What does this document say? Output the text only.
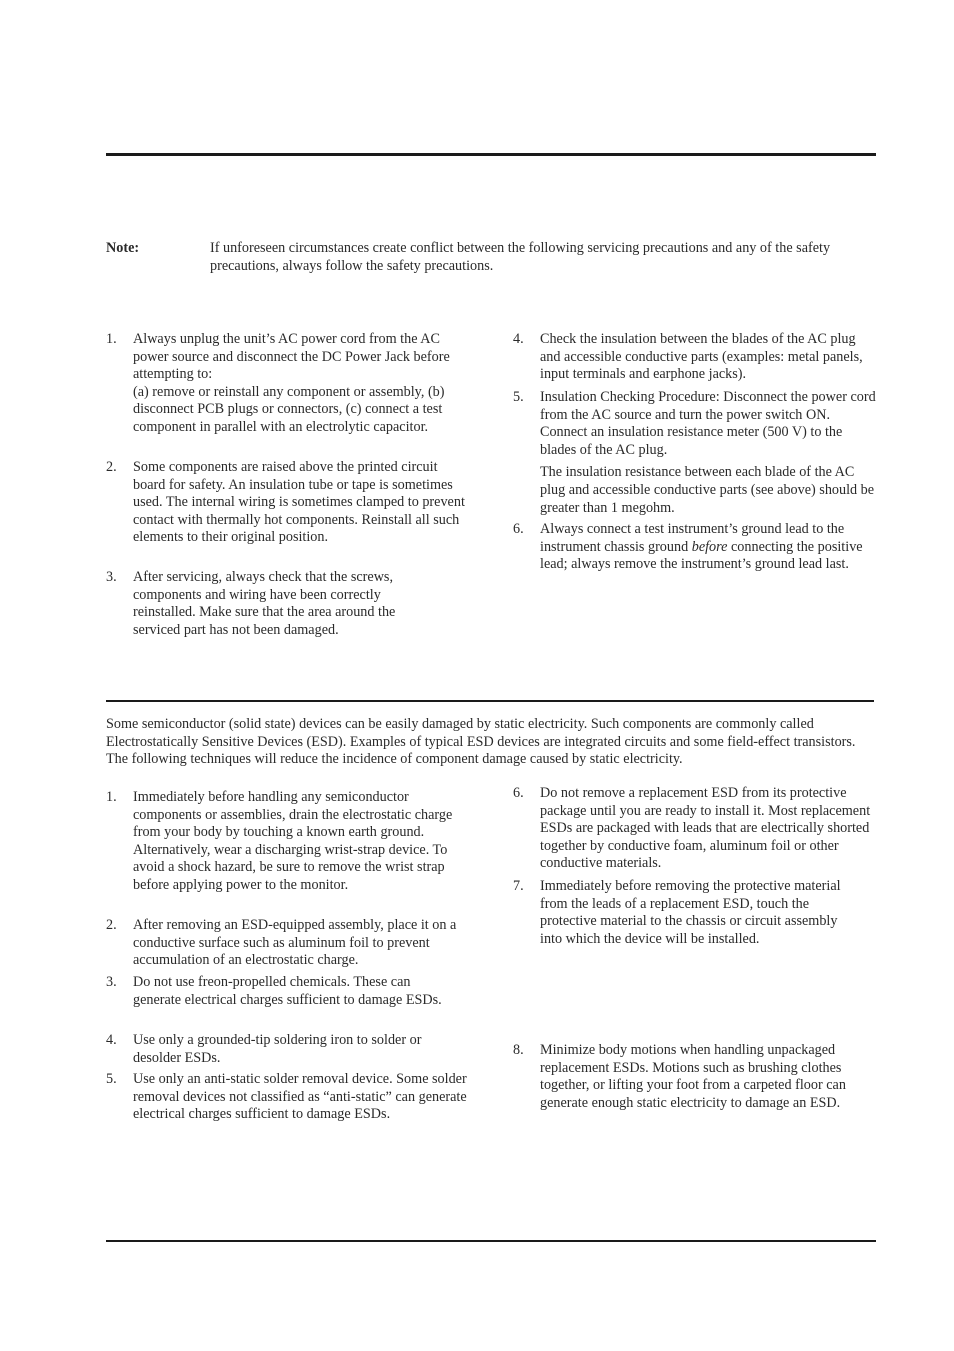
Note:	If unforeseen circumstances create conflict between the following servicing precautions and any of the safety precautions, always follow the safety precautions.
1. Always unplug the unit’s AC power cord from the AC power source and disconnect the DC Power Jack before attempting to:
(a) remove or reinstall any component or assembly, (b) disconnect PCB plugs or connectors, (c) connect a test component in parallel with an electrolytic capacitor.
2. Some components are raised above the printed circuit board for safety. An insulation tube or tape is sometimes used. The internal wiring is sometimes clamped to prevent contact with thermally hot components. Reinstall all such elements to their original position.
3. After servicing, always check that the screws, components and wiring have been correctly reinstalled. Make sure that the area around the serviced part has not been damaged.
4. Check the insulation between the blades of the AC plug and accessible conductive parts (examples: metal panels, input terminals and earphone jacks).
5. Insulation Checking Procedure: Disconnect the power cord from the AC source and turn the power switch ON. Connect an insulation resistance meter (500 V) to the blades of the AC plug.
The insulation resistance between each blade of the AC plug and accessible conductive parts (see above) should be greater than 1 megohm.
6. Always connect a test instrument’s ground lead to the instrument chassis ground before connecting the positive lead; always remove the instrument’s ground lead last.
Some semiconductor (solid state) devices can be easily damaged by static electricity. Such components are commonly called Electrostatically Sensitive Devices (ESD). Examples of typical ESD devices are integrated circuits and some field-effect transistors. The following techniques will reduce the incidence of component damage caused by static electricity.
1. Immediately before handling any semiconductor components or assemblies, drain the electrostatic charge from your body by touching a known earth ground. Alternatively, wear a discharging wrist-strap device. To avoid a shock hazard, be sure to remove the wrist strap before applying power to the monitor.
2. After removing an ESD-equipped assembly, place it on a conductive surface such as aluminum foil to prevent accumulation of an electrostatic charge.
3. Do not use freon-propelled chemicals. These can generate electrical charges sufficient to damage ESDs.
4. Use only a grounded-tip soldering iron to solder or desolder ESDs.
5. Use only an anti-static solder removal device. Some solder removal devices not classified as “anti-static” can generate electrical charges sufficient to damage ESDs.
6. Do not remove a replacement ESD from its protective package until you are ready to install it. Most replacement ESDs are packaged with leads that are electrically shorted together by conductive foam, aluminum foil or other conductive materials.
7. Immediately before removing the protective material from the leads of a replacement ESD, touch the protective material to the chassis or circuit assembly into which the device will be installed.
8. Minimize body motions when handling unpackaged replacement ESDs. Motions such as brushing clothes together, or lifting your foot from a carpeted floor can generate enough static electricity to damage an ESD.
